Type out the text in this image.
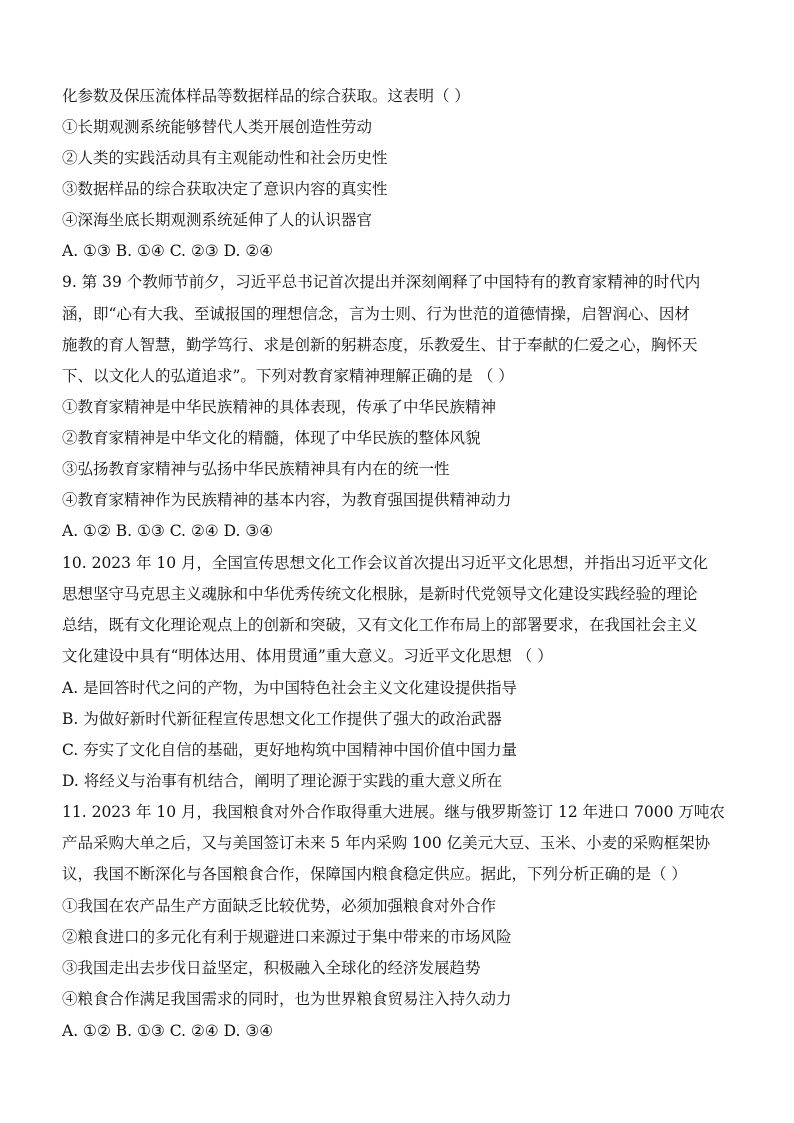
化参数及保压流体样品等数据样品的综合获取。这表明（ ）
①长期观测系统能够替代人类开展创造性劳动
②人类的实践活动具有主观能动性和社会历史性
③数据样品的综合获取决定了意识内容的真实性
④深海坐底长期观测系统延伸了人的认识器官
A. ①③ B. ①④ C. ②③ D. ②④
9. 第 39 个教师节前夕，习近平总书记首次提出并深刻阐释了中国特有的教育家精神的时代内
涵，即“心有大我、至诚报国的理想信念，言为士则、行为世范的道德情操，启智润心、因材
施教的育人智慧，勤学笃行、求是创新的躬耕态度，乐教爱生、甘于奉献的仁爱之心，胸怀天
下、以文化人的弘道追求”。下列对教育家精神理解正确的是 （ ）
①教育家精神是中华民族精神的具体表现，传承了中华民族精神
②教育家精神是中华文化的精髓，体现了中华民族的整体风貌
③弘扬教育家精神与弘扬中华民族精神具有内在的统一性
④教育家精神作为民族精神的基本内容，为教育强国提供精神动力
A. ①② B. ①③ C. ②④ D. ③④
10. 2023 年 10 月，全国宣传思想文化工作会议首次提出习近平文化思想，并指出习近平文化
思想坚守马克思主义魂脉和中华优秀传统文化根脉，是新时代党领导文化建设实践经验的理论
总结，既有文化理论观点上的创新和突破，又有文化工作布局上的部署要求，在我国社会主义
文化建设中具有“明体达用、体用贯通”重大意义。习近平文化思想 （ ）
A. 是回答时代之问的产物，为中国特色社会主义文化建设提供指导
B. 为做好新时代新征程宣传思想文化工作提供了强大的政治武器
C. 夯实了文化自信的基础，更好地构筑中国精神中国价值中国力量
D. 将经义与治事有机结合，阐明了理论源于实践的重大意义所在
11. 2023 年 10 月，我国粮食对外合作取得重大进展。继与俄罗斯签订 12 年进口 7000 万吨农
产品采购大单之后，又与美国签订未来 5 年内采购 100 亿美元大豆、玉米、小麦的采购框架协
议，我国不断深化与各国粮食合作，保障国内粮食稳定供应。据此，下列分析正确的是（ ）
①我国在农产品生产方面缺乏比较优势，必须加强粮食对外合作
②粮食进口的多元化有利于规避进口来源过于集中带来的市场风险
③我国走出去步伐日益坚定，积极融入全球化的经济发展趋势
④粮食合作满足我国需求的同时，也为世界粮食贸易注入持久动力
A. ①② B. ①③ C. ②④ D. ③④
